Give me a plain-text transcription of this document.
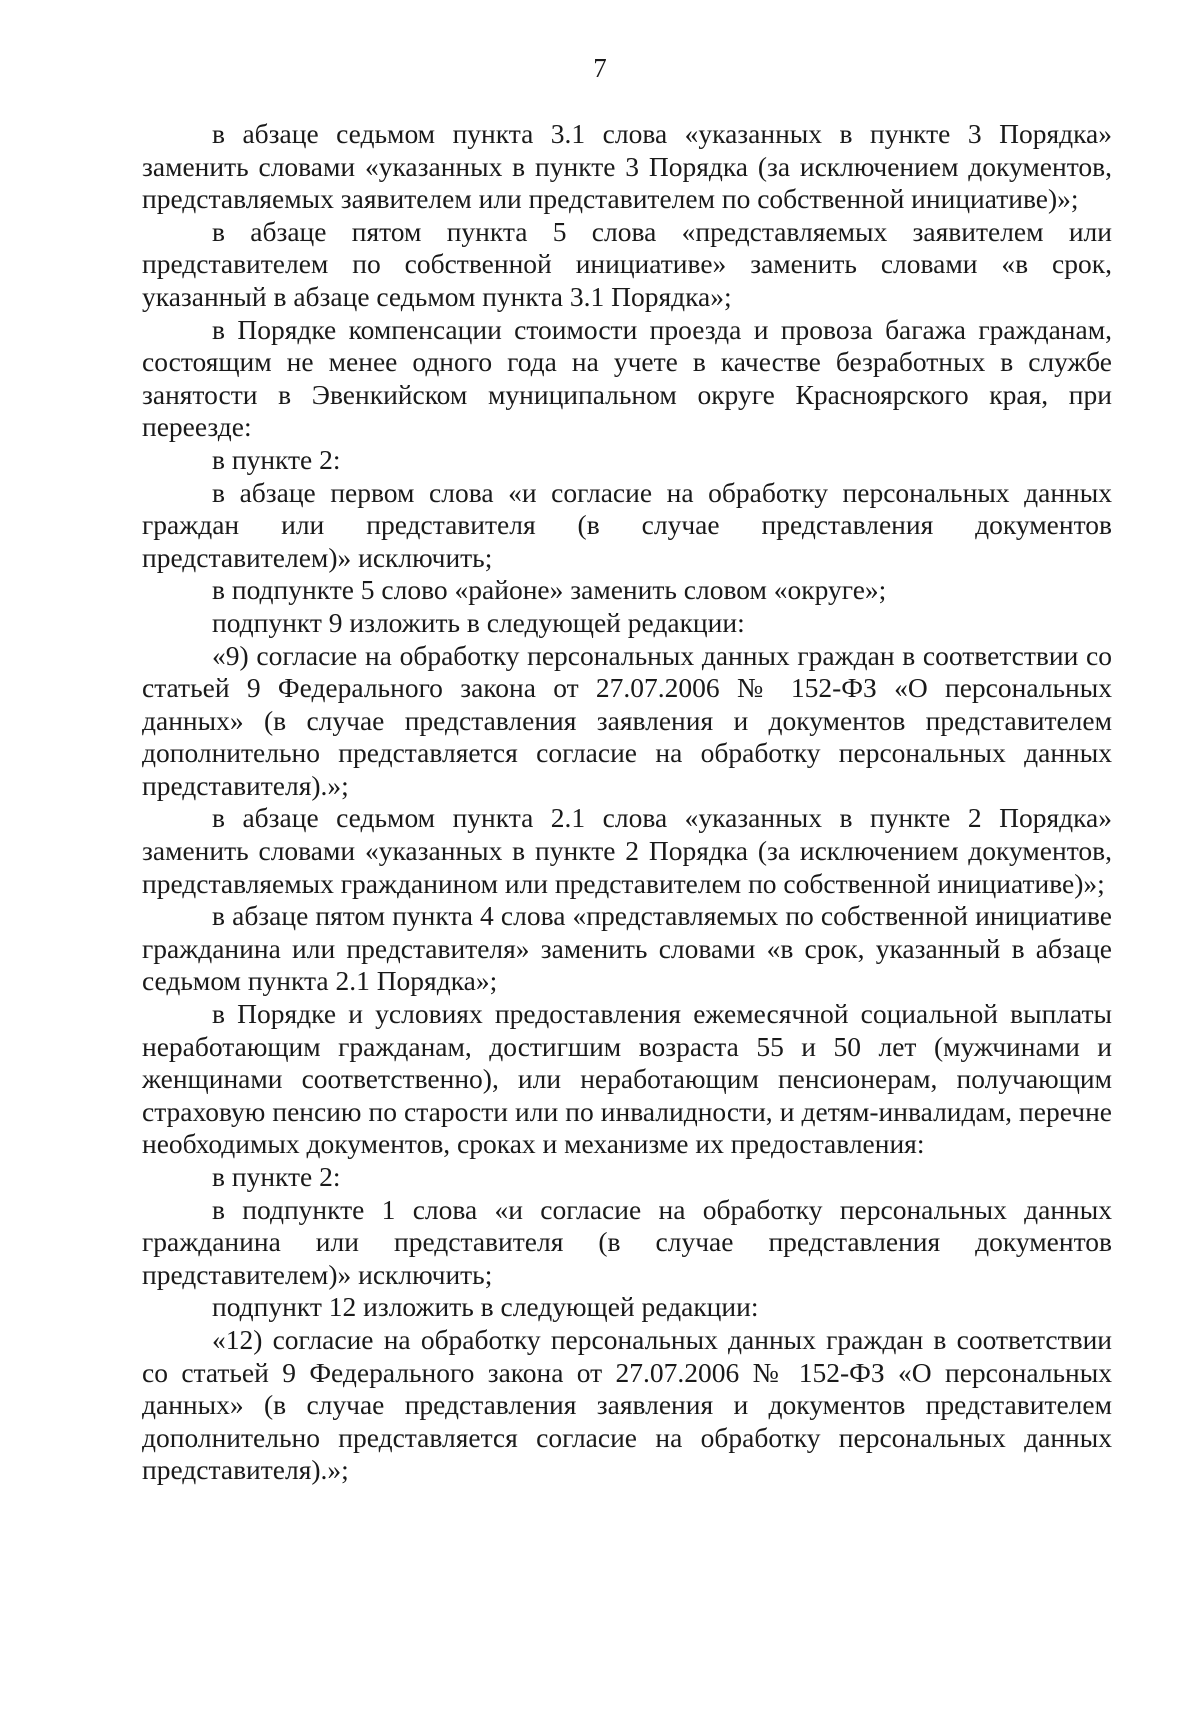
7

в абзаце седьмом пункта 3.1 слова «указанных в пункте 3 Порядка» заменить словами «указанных в пункте 3 Порядка (за исключением документов, представляемых заявителем или представителем по собственной инициативе)»;

в абзаце пятом пункта 5 слова «представляемых заявителем или представителем по собственной инициативе» заменить словами «в срок, указанный в абзаце седьмом пункта 3.1 Порядка»;

в Порядке компенсации стоимости проезда и провоза багажа гражданам, состоящим не менее одного года на учете в качестве безработных в службе занятости в Эвенкийском муниципальном округе Красноярского края, при переезде:

в пункте 2:

в абзаце первом слова «и согласие на обработку персональных данных граждан или представителя (в случае представления документов представителем)» исключить;

в подпункте 5 слово «районе» заменить словом «округе»;

подпункт 9 изложить в следующей редакции:

«9) согласие на обработку персональных данных граждан в соответствии со статьей 9 Федерального закона от 27.07.2006 № 152-ФЗ «О персональных данных» (в случае представления заявления и документов представителем дополнительно представляется согласие на обработку персональных данных представителя).»;

в абзаце седьмом пункта 2.1 слова «указанных в пункте 2 Порядка» заменить словами «указанных в пункте 2 Порядка (за исключением документов, представляемых гражданином или представителем по собственной инициативе)»;

в абзаце пятом пункта 4 слова «представляемых по собственной инициативе гражданина или представителя» заменить словами «в срок, указанный в абзаце седьмом пункта 2.1 Порядка»;

в Порядке и условиях предоставления ежемесячной социальной выплаты неработающим гражданам, достигшим возраста 55 и 50 лет (мужчинами и женщинами соответственно), или неработающим пенсионерам, получающим страховую пенсию по старости или по инвалидности, и детям-инвалидам, перечне необходимых документов, сроках и механизме их предоставления:

в пункте 2:

в подпункте 1 слова «и согласие на обработку персональных данных гражданина или представителя (в случае представления документов представителем)» исключить;

подпункт 12 изложить в следующей редакции:

«12) согласие на обработку персональных данных граждан в соответствии со статьей 9 Федерального закона от 27.07.2006 № 152-ФЗ «О персональных данных» (в случае представления заявления и документов представителем дополнительно представляется согласие на обработку персональных данных представителя).»;
